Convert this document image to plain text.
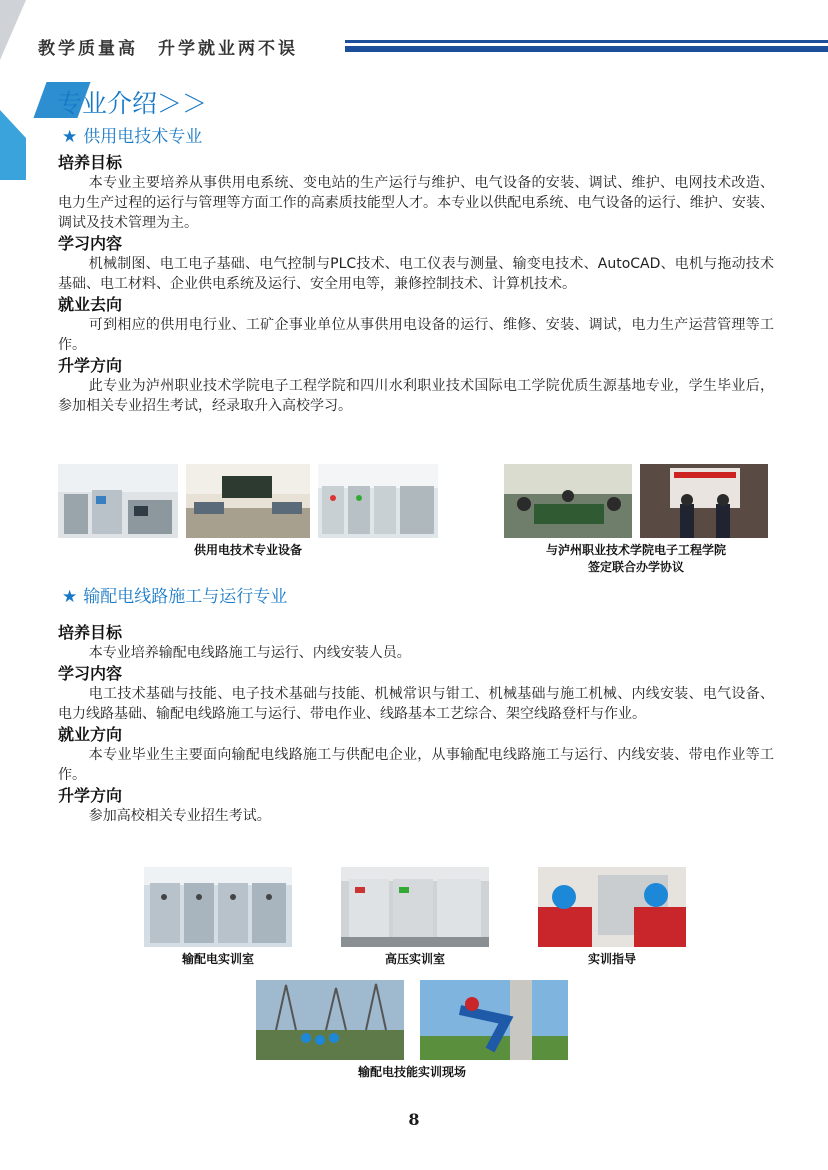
教学质量高　升学就业两不误
专业介绍＞＞
★ 供用电技术专业

培养目标

本专业主要培养从事供用电系统、变电站的生产运行与维护、电气设备的安装、调试、维护、电网技术改造、电力生产过程的运行与管理等方面工作的高素质技能型人才。本专业以供配电系统、电气设备的运行、维护、安装、调试及技术管理为主。

学习内容

机械制图、电工电子基础、电气控制与PLC技术、电工仪表与测量、输变电技术、AutoCAD、电机与拖动技术基础、电工材料、企业供电系统及运行、安全用电等，兼修控制技术、计算机技术。

就业去向

可到相应的供用电行业、工矿企事业单位从事供用电设备的运行、维修、安装、调试，电力生产运营管理等工作。

升学方向

此专业为泸州职业技术学院电子工程学院和四川水利职业技术国际电工学院优质生源基地专业，学生毕业后，参加相关专业招生考试，经录取升入高校学习。

供用电技术专业设备	与泸州职业技术学院电子工程学院
签定联合办学协议
★ 输配电线路施工与运行专业

培养目标

本专业培养输配电线路施工与运行、内线安装人员。

学习内容

电工技术基础与技能、电子技术基础与技能、机械常识与钳工、机械基础与施工机械、内线安装、电气设备、电力线路基础、输配电线路施工与运行、带电作业、线路基本工艺综合、架空线路登杆与作业。

就业方向

本专业毕业生主要面向输配电线路施工与供配电企业，从事输配电线路施工与运行、内线安装、带电作业等工作。

升学方向

参加高校相关专业招生考试。

输配电实训室	高压实训室	实训指导
输配电技能实训现场
8
